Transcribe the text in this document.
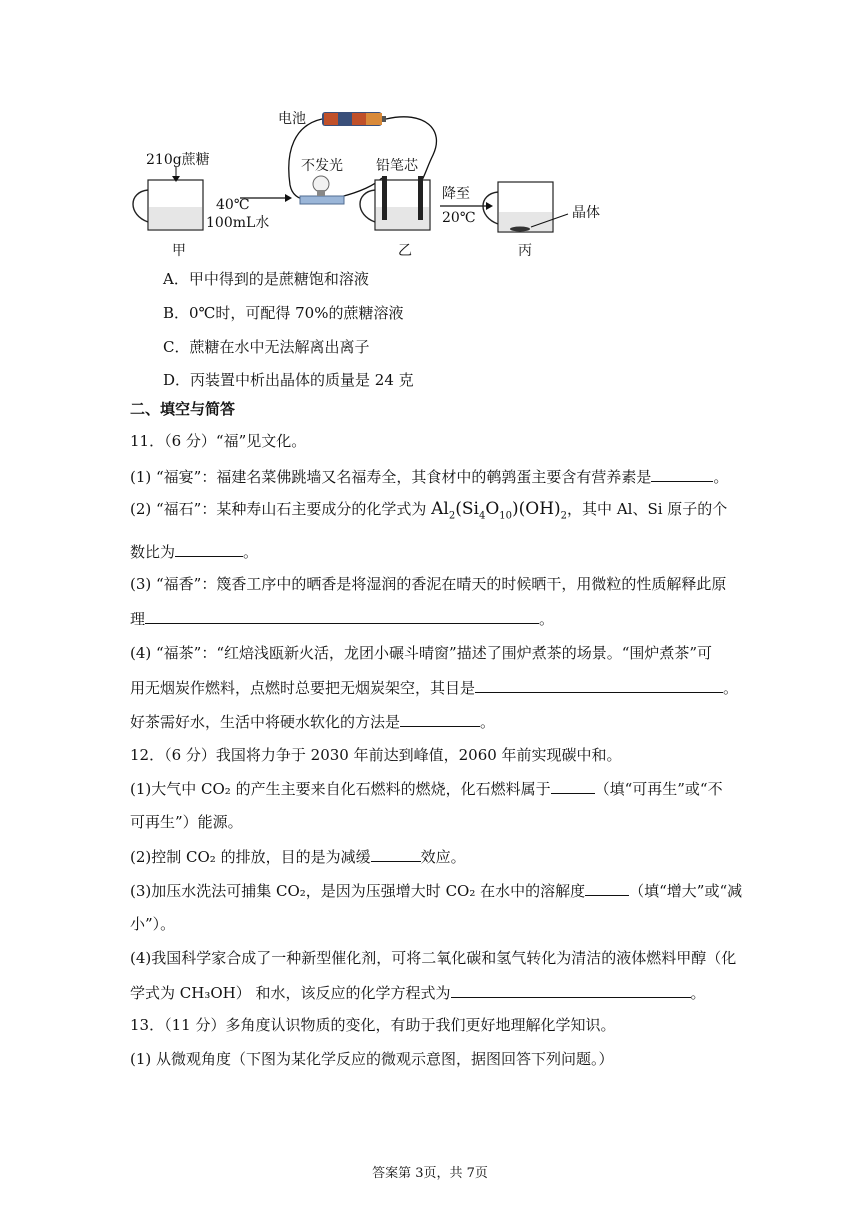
电池
210g蔗糖
40℃
100mL水
甲
不发光 铅笔芯
乙
降至
20℃	晶体
丙
A．甲中得到的是蔗糖饱和溶液
B．0℃时，可配得 70%的蔗糖溶液
C．蔗糖在水中无法解离出离子
D．丙装置中析出晶体的质量是 24 克
二、填空与简答
11．（6 分）“福”见文化。
(1) “福宴”：福建名菜佛跳墙又名福寿全，其食材中的鹌鹑蛋主要含有营养素是	。
(2) “福石”：某种寿山石主要成分的化学式为 $Al_2(Si_4O_{10})(OH)_2$，其中 Al、Si 原子的个
数比为	。
(3) “福香”：篾香工序中的晒香是将湿润的香泥在晴天的时候晒干，用微粒的性质解释此原
理	。
(4) “福茶”：“红焙浅瓯新火活，龙团小碾斗晴窗”描述了围炉煮茶的场景。“围炉煮茶”可
用无烟炭作燃料，点燃时总要把无烟炭架空，其目是	。
好茶需好水，生活中将硬水软化的方法是	。
12．（6 分）我国将力争于 2030 年前达到峰值，2060 年前实现碳中和。
(1)大气中 CO₂ 的产生主要来自化石燃料的燃烧，化石燃料属于	（填“可再生”或“不
可再生”）能源。
(2)控制 CO₂ 的排放，目的是为减缓	效应。
(3)加压水洗法可捕集 CO₂，是因为压强增大时 CO₂ 在水中的溶解度	（填“增大”或“减
小”）。
(4)我国科学家合成了一种新型催化剂，可将二氧化碳和氢气转化为清洁的液体燃料甲醇（化
学式为 CH₃OH） 和水，该反应的化学方程式为	。
13．（11 分）多角度认识物质的变化，有助于我们更好地理解化学知识。
(1) 从微观角度（下图为某化学反应的微观示意图，据图回答下列问题。）
答案第 3页，共 7页
